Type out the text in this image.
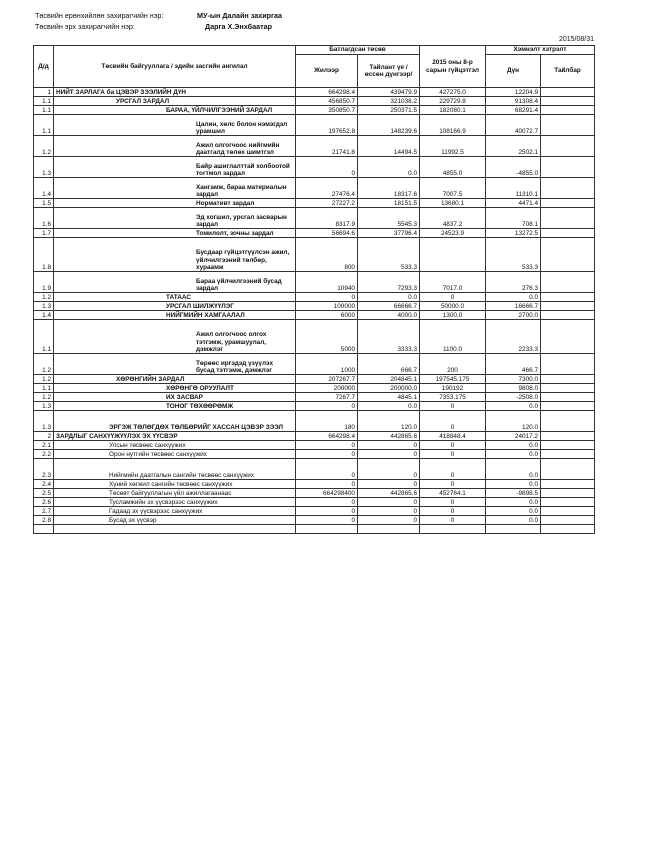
Төсвийн ерөнхийлөн захирагчийн нэр:	МУ-ын Далайн захиргаа
Төсвийн эрх захирагчийн нэр:	Дарга Х.Энхбаатар
2015/08/31
Д/д	Төсвийн байгууллага / эдийн засгийн ангилал	Батлагдсан төсөв		2015 оны 8-р сарын гүйцэтгэл	Хэмнэлт хэтрэлт	
		Жилээр	Тайлант үе /өссөн дүнгээр/		Дүн	Тайлбар
1	НИЙТ ЗАРЛАГА ба ЦЭВЭР ЗЭЭЛИЙН ДҮН	664298.4	439479.9	427275.0	12204.9	
1.1	УРСГАЛ ЗАРДАЛ	456850.7	321038.2	229729.8	91308.4	
1.1	БАРАА, ҮЙЛЧИЛГЭЭНИЙ ЗАРДАЛ	350850.7	250371.5	182080.1	68291.4	
1.1	Цалин, хөлс болон нэмэгдэл урамшил	197652.8	148239.6	108166.9	40072.7	
1.2	Ажил олгогчоос нийгмийн даатгалд төлөх шимтгэл	21741.8	14494.5	11992.5	2502.1	
1.3	Байр ашиглалттай холбоотой тогтмол зардал	0	0.0	4855.0	-4855.0	
1.4	Хангамж, бараа материалын зардал	27476.4	18317.6	7007.5	11310.1	
1.5	Нормативт зардал	27227.2	18151.5	13680.1	4471.4	
1.6	Эд хогшил, урсгал засварын зардал	8317.9	5545.3	4837.2	708.1	
1.7	Томилолт, зочны зардал	56694.6	37796.4	24523.9	13272.5	
1.8	Бусдаар гүйцэтгүүлсэн ажил, үйлчилгээний төлбөр, хураамж	800	533.3		533.3	
1.9	Бараа үйлчилгээний бусад зардал	10940	7293.3	7017.0	276.3	
1.2	ТАТААС	0	0.0	0	0.0	
1.3	УРСГАЛ ШИЛЖҮҮЛЭГ	100000	66666.7	50000.0	16666.7	
1.4	НИЙГМИЙН ХАМГААЛАЛ	6000	4000.0	1300.0	2700.0	
1.1	Ажил олгогчоос олгох тэтгэмж, урамшуулал, дэмжлэг	5000	3333.3	1100.0	2233.3	
1.2	Төрөөс иргэдэд үзүүлэх бусад тэтгэмж, дэмжлэг	1000	666.7	200	466.7	
1.2	ХӨРӨНГИЙН ЗАРДАЛ	207267.7	204845.1	197545.175	7300.0	
1.1	ХӨРӨНГӨ ОРУУЛАЛТ	200000	200000.0	190192	9808.0	
1.2	ИХ ЗАСВАР	7267.7	4845.1	7353.175	-2508.0	
1.3	ТОНОГ ТӨХӨӨРӨМЖ	0	0.0	0	0.0	
1.3	ЭРГЭЖ ТӨЛӨГДӨХ ТӨЛБӨРИЙГ ХАССАН ЦЭВЭР ЗЭЭЛ	180	120.0	0	120.0	
2	ЗАРДЛЫГ САНХҮҮЖҮҮЛЭХ ЭХ ҮҮСВЭР	664298.4	442865.6	418848.4	24017.2	
2.1	Улсын төсвөөс санхүүжих	0	0	0	0.0	
2.2	Орон нутгийн төсвөөс санхүүжих	0	0	0	0.0	
2.3	Нийгмийн даатгалын сангийн төсвөөс санхүүжих	0	0	0	0.0	
2.4	Хүний хөгжил сангийн төсвөөс санхүүжих	0	0	0	0.0	
2.5	Төсөвт байгууллагын үйл ажиллагаанаас	664298400	442865.6	452764.1	-9898.5	
2.6	Тусламжийн эх үүсвэрээс санхүүжих	0	0	0	0.0	
2.7	Гадаад эх үүсвэрээс санхүүжих	0	0	0	0.0	
2.8	Бусад эх үүсвэр	0	0	0	0.0	
